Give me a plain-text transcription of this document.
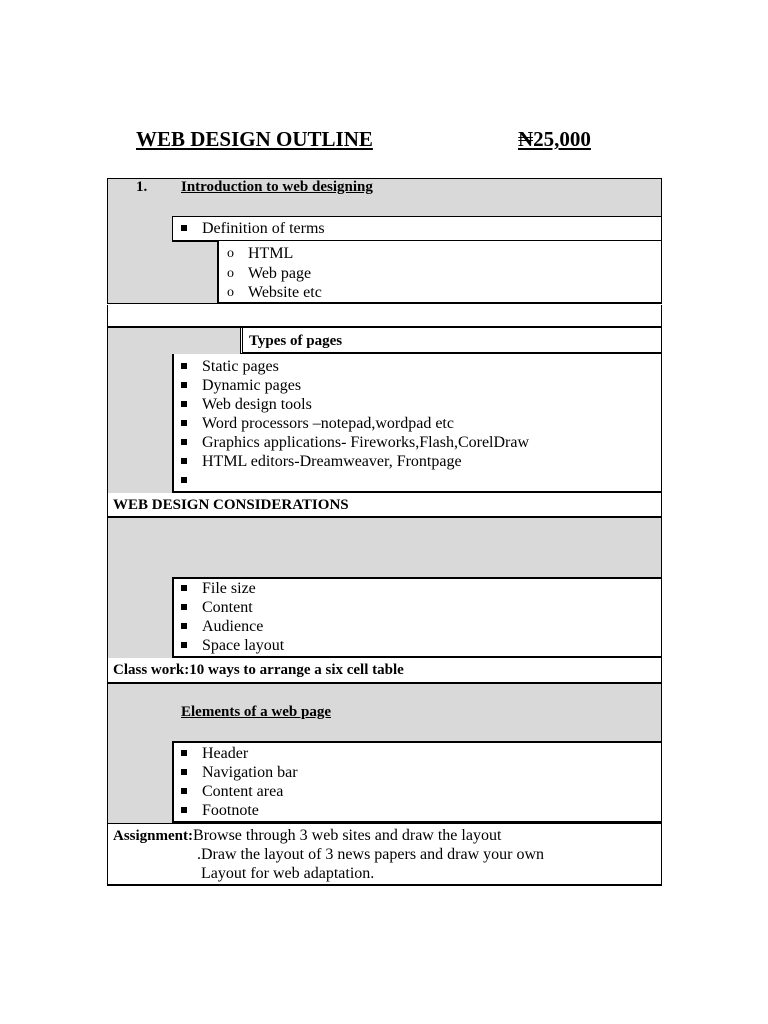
WEB DESIGN OUTLINE	₦25,000
1. Introduction to web designing
Definition of terms
o HTML
o Web page
o Website etc
Types of pages
Static pages
Dynamic pages
Web design tools
Word processors –notepad,wordpad etc
Graphics applications- Fireworks,Flash,CorelDraw
HTML editors-Dreamweaver, Frontpage

WEB DESIGN CONSIDERATIONS
File size
Content
Audience
Space layout
Class work:10 ways to arrange a six cell table
Elements of a web page
Header
Navigation bar
Content area
Footnote
Assignment:Browse through 3 web sites and draw the layout
.Draw the layout of 3 news papers and draw your own
Layout for web adaptation.
